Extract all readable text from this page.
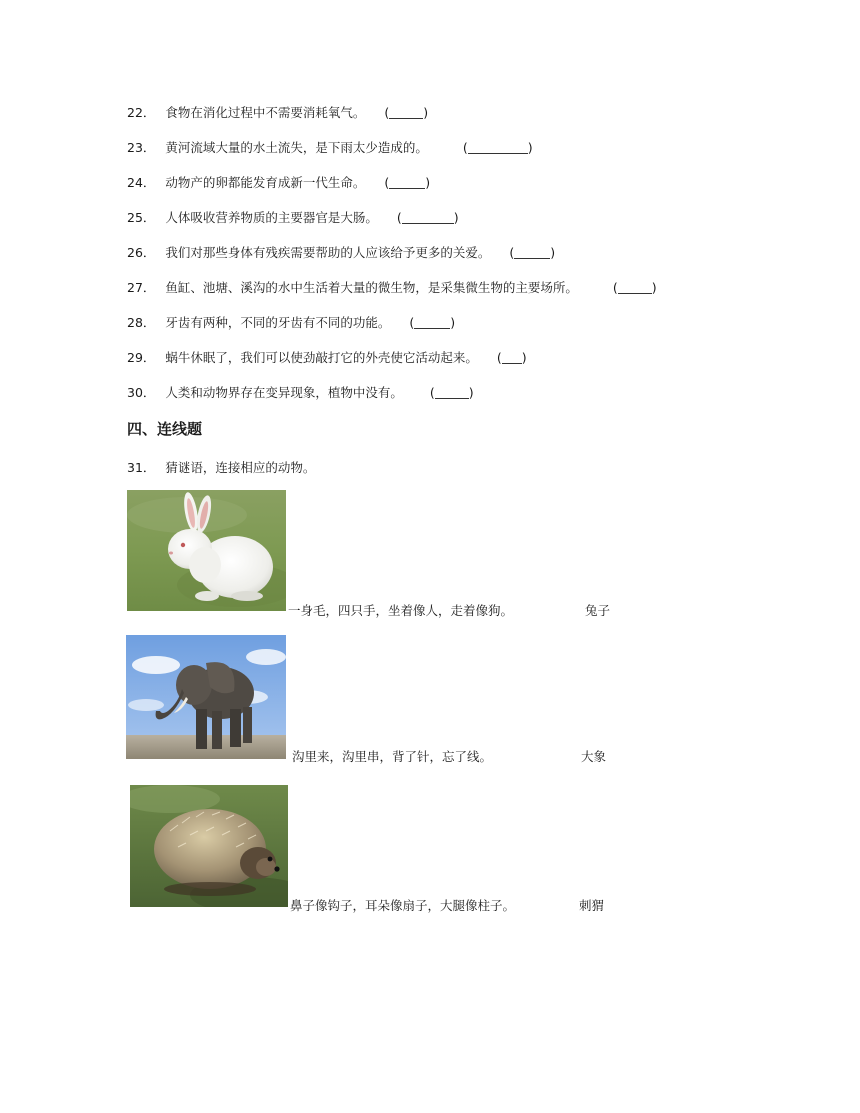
22． 食物在消化过程中不需要消耗氧气。 (	)
23． 黄河流域大量的水土流失，是下雨太少造成的。	(	)
24． 动物产的卵都能发育成新一代生命。 (	)
25． 人体吸收营养物质的主要器官是大肠。 (	)
26． 我们对那些身体有残疾需要帮助的人应该给予更多的关爱。 (	)
27． 鱼缸、池塘、溪沟的水中生活着大量的微生物，是采集微生物的主要场所。	(	)
28． 牙齿有两种，不同的牙齿有不同的功能。 (	)
29． 蜗牛休眠了，我们可以使劲敲打它的外壳使它活动起来。 ( )
30． 人类和动物界存在变异现象，植物中没有。 (	)
四、连线题
31． 猜谜语，连接相应的动物。
一身毛，四只手，坐着像人，走着像狗。	兔子
沟里来，沟里串，背了针，忘了线。	大象
鼻子像钩子，耳朵像扇子，大腿像柱子。	刺猬
